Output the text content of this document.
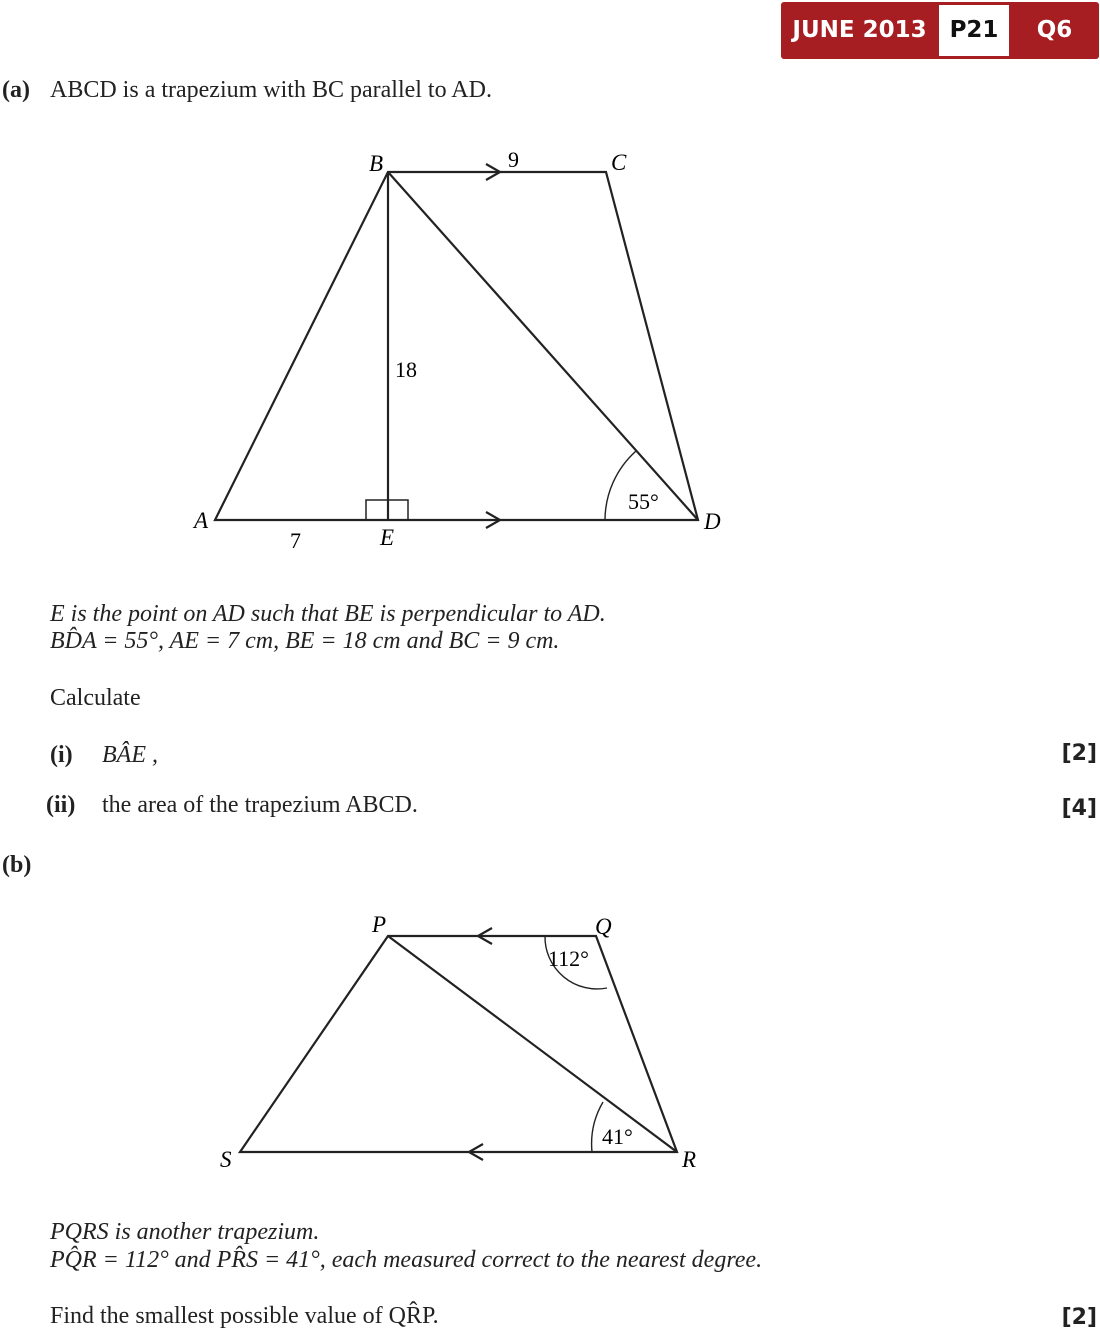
JUNE 2013 P21	Q6
(a) ABCD is a trapezium with BC parallel to AD.
B	C
A	D
E
9
18
7
55°
E is the point on AD such that BE is perpendicular to AD.
BD̂A = 55°, AE = 7 cm, BE = 18 cm and BC = 9 cm.
Calculate
(i) BÂE ,	[2]
(ii) the area of the trapezium ABCD.	[4]
(b)
P	Q
R
S
112°
41°
PQRS is another trapezium.
PQ̂R = 112° and PR̂S = 41°, each measured correct to the nearest degree.
Find the smallest possible value of QR̂P.	[2]
